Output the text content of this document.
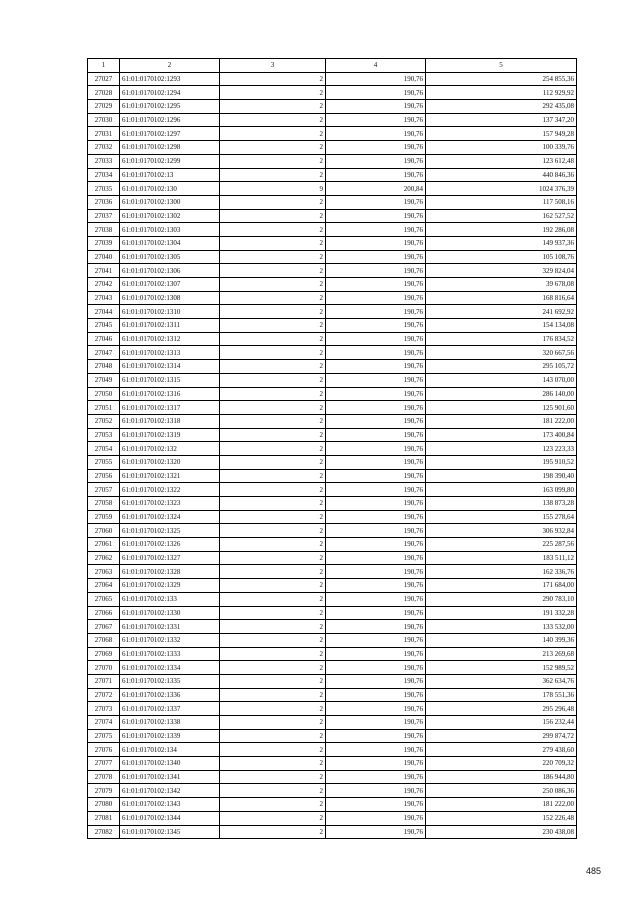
1	2	3	4	5
27027	61:01:0170102:1293	2	190,76	254 855,36
27028	61:01:0170102:1294	2	190,76	112 929,92
27029	61:01:0170102:1295	2	190,76	292 435,08
27030	61:01:0170102:1296	2	190,76	137 347,20
27031	61:01:0170102:1297	2	190,76	157 949,28
27032	61:01:0170102:1298	2	190,76	100 339,76
27033	61:01:0170102:1299	2	190,76	123 612,48
27034	61:01:0170102:13	2	190,76	440 846,36
27035	61:01:0170102:130	9	200,84	1024 376,39
27036	61:01:0170102:1300	2	190,76	117 508,16
27037	61:01:0170102:1302	2	190,76	162 527,52
27038	61:01:0170102:1303	2	190,76	192 286,08
27039	61:01:0170102:1304	2	190,76	149 937,36
27040	61:01:0170102:1305	2	190,76	105 108,76
27041	61:01:0170102:1306	2	190,76	329 824,04
27042	61:01:0170102:1307	2	190,76	39 678,08
27043	61:01:0170102:1308	2	190,76	168 816,64
27044	61:01:0170102:1310	2	190,76	241 692,92
27045	61:01:0170102:1311	2	190,76	154 134,08
27046	61:01:0170102:1312	2	190,76	176 834,52
27047	61:01:0170102:1313	2	190,76	320 667,56
27048	61:01:0170102:1314	2	190,76	295 105,72
27049	61:01:0170102:1315	2	190,76	143 070,00
27050	61:01:0170102:1316	2	190,76	286 140,00
27051	61:01:0170102:1317	2	190,76	125 901,60
27052	61:01:0170102:1318	2	190,76	181 222,00
27053	61:01:0170102:1319	2	190,76	173 400,84
27054	61:01:0170102:132	2	190,76	123 223,33
27055	61:01:0170102:1320	2	190,76	195 910,52
27056	61:01:0170102:1321	2	190,76	198 390,40
27057	61:01:0170102:1322	2	190,76	163 099,80
27058	61:01:0170102:1323	2	190,76	138 873,28
27059	61:01:0170102:1324	2	190,76	155 278,64
27060	61:01:0170102:1325	2	190,76	306 932,84
27061	61:01:0170102:1326	2	190,76	225 287,56
27062	61:01:0170102:1327	2	190,76	183 511,12
27063	61:01:0170102:1328	2	190,76	162 336,76
27064	61:01:0170102:1329	2	190,76	171 684,00
27065	61:01:0170102:133	2	190,76	290 783,10
27066	61:01:0170102:1330	2	190,76	191 332,28
27067	61:01:0170102:1331	2	190,76	133 532,00
27068	61:01:0170102:1332	2	190,76	140 399,36
27069	61:01:0170102:1333	2	190,76	213 269,68
27070	61:01:0170102:1334	2	190,76	152 989,52
27071	61:01:0170102:1335	2	190,76	362 634,76
27072	61:01:0170102:1336	2	190,76	178 551,36
27073	61:01:0170102:1337	2	190,76	295 296,48
27074	61:01:0170102:1338	2	190,76	156 232,44
27075	61:01:0170102:1339	2	190,76	299 874,72
27076	61:01:0170102:134	2	190,76	279 438,60
27077	61:01:0170102:1340	2	190,76	220 709,32
27078	61:01:0170102:1341	2	190,76	186 944,80
27079	61:01:0170102:1342	2	190,76	250 086,36
27080	61:01:0170102:1343	2	190,76	181 222,00
27081	61:01:0170102:1344	2	190,76	152 226,48
27082	61:01:0170102:1345	2	190,76	230 438,08
485
